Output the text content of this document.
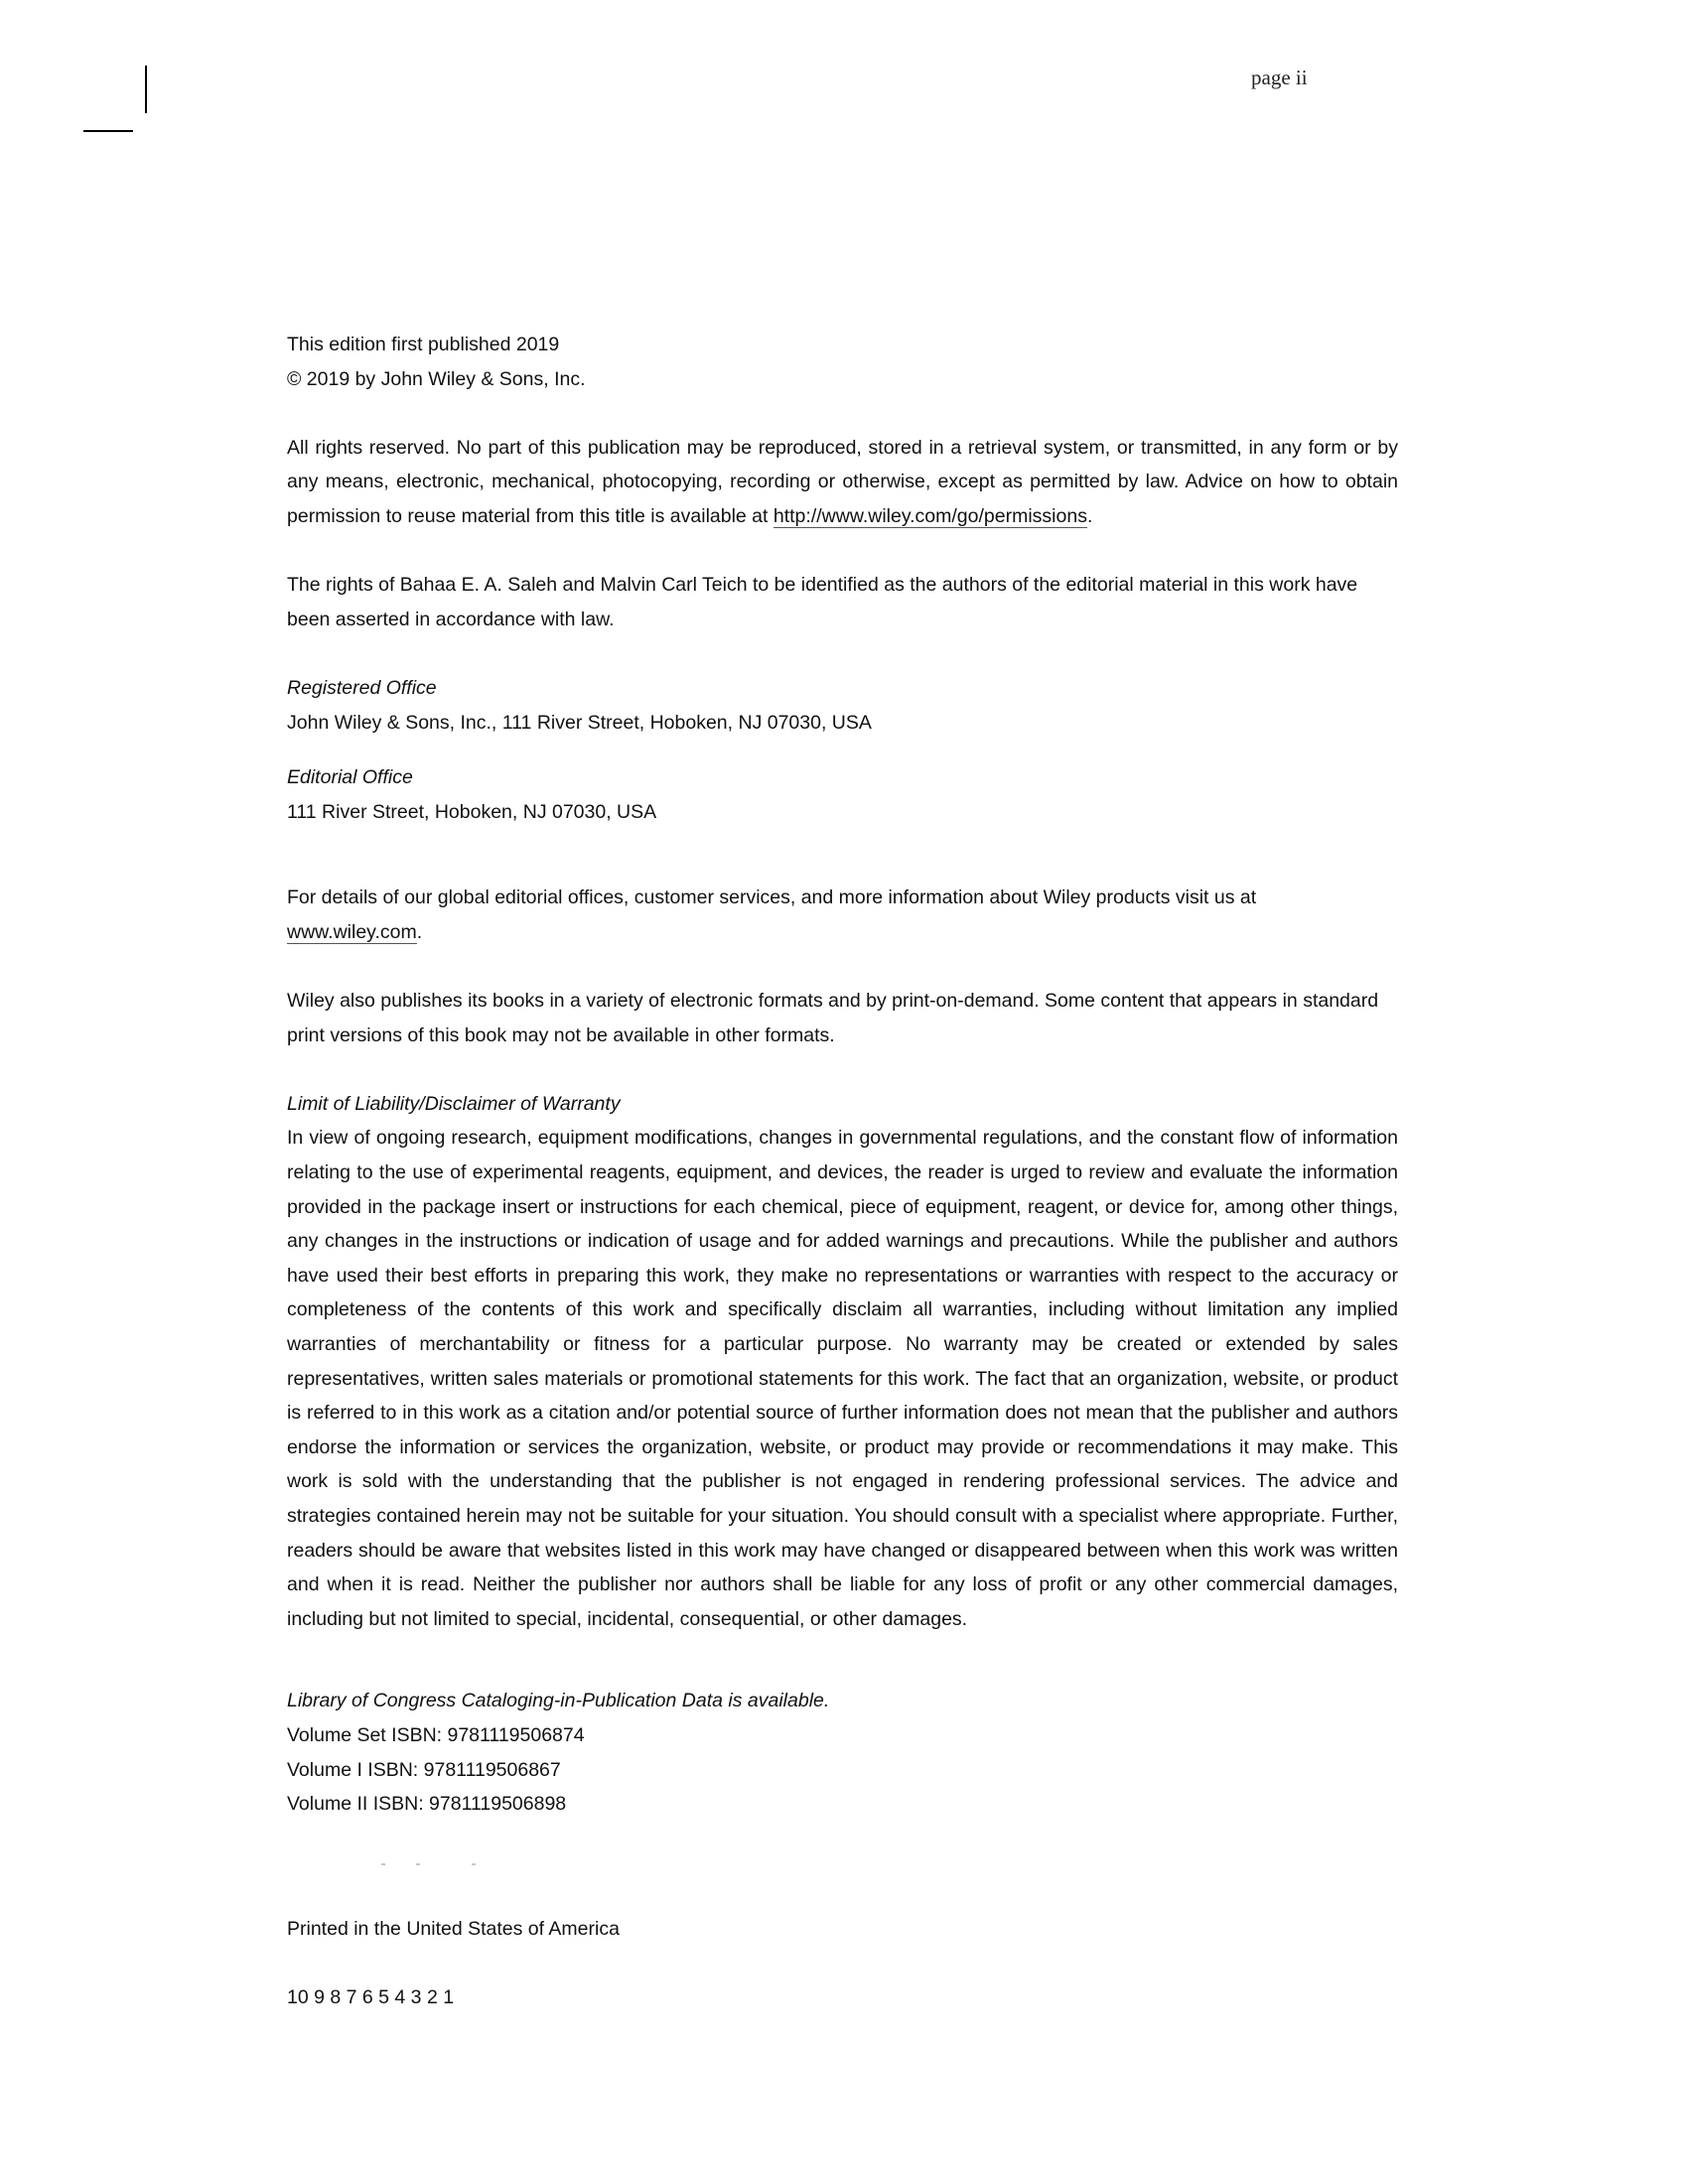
page ii

This edition first published 2019

© 2019 by John Wiley & Sons, Inc.

All rights reserved. No part of this publication may be reproduced, stored in a retrieval system, or transmitted, in any form or by any means, electronic, mechanical, photocopying, recording or otherwise, except as permitted by law. Advice on how to obtain permission to reuse material from this title is available at http://www.wiley.com/go/permissions.

The rights of Bahaa E. A. Saleh and Malvin Carl Teich to be identified as the authors of the editorial material in this work have been asserted in accordance with law.

Registered Office

John Wiley & Sons, Inc., 111 River Street, Hoboken, NJ 07030, USA

Editorial Office

111 River Street, Hoboken, NJ 07030, USA

For details of our global editorial offices, customer services, and more information about Wiley products visit us at

www.wiley.com.

Wiley also publishes its books in a variety of electronic formats and by print-on-demand. Some content that appears in standard print versions of this book may not be available in other formats.

Limit of Liability/Disclaimer of Warranty

In view of ongoing research, equipment modifications, changes in governmental regulations, and the constant flow of information relating to the use of experimental reagents, equipment, and devices, the reader is urged to review and evaluate the information provided in the package insert or instructions for each chemical, piece of equipment, reagent, or device for, among other things, any changes in the instructions or indication of usage and for added warnings and precautions. While the publisher and authors have used their best efforts in preparing this work, they make no representations or warranties with respect to the accuracy or completeness of the contents of this work and specifically disclaim all warranties, including without limitation any implied warranties of merchantability or fitness for a particular purpose. No warranty may be created or extended by sales representatives, written sales materials or promotional statements for this work. The fact that an organization, website, or product is referred to in this work as a citation and/or potential source of further information does not mean that the publisher and authors endorse the information or services the organization, website, or product may provide or recommendations it may make. This work is sold with the understanding that the publisher is not engaged in rendering professional services. The advice and strategies contained herein may not be suitable for your situation. You should consult with a specialist where appropriate. Further, readers should be aware that websites listed in this work may have changed or disappeared between when this work was written and when it is read. Neither the publisher nor authors shall be liable for any loss of profit or any other commercial damages, including but not limited to special, incidental, consequential, or other damages.

Library of Congress Cataloging-in-Publication Data is available.

Volume Set ISBN: 9781119506874

Volume I ISBN: 9781119506867

Volume II ISBN: 9781119506898

Printed in the United States of America

10 9 8 7 6 5 4 3 2 1
